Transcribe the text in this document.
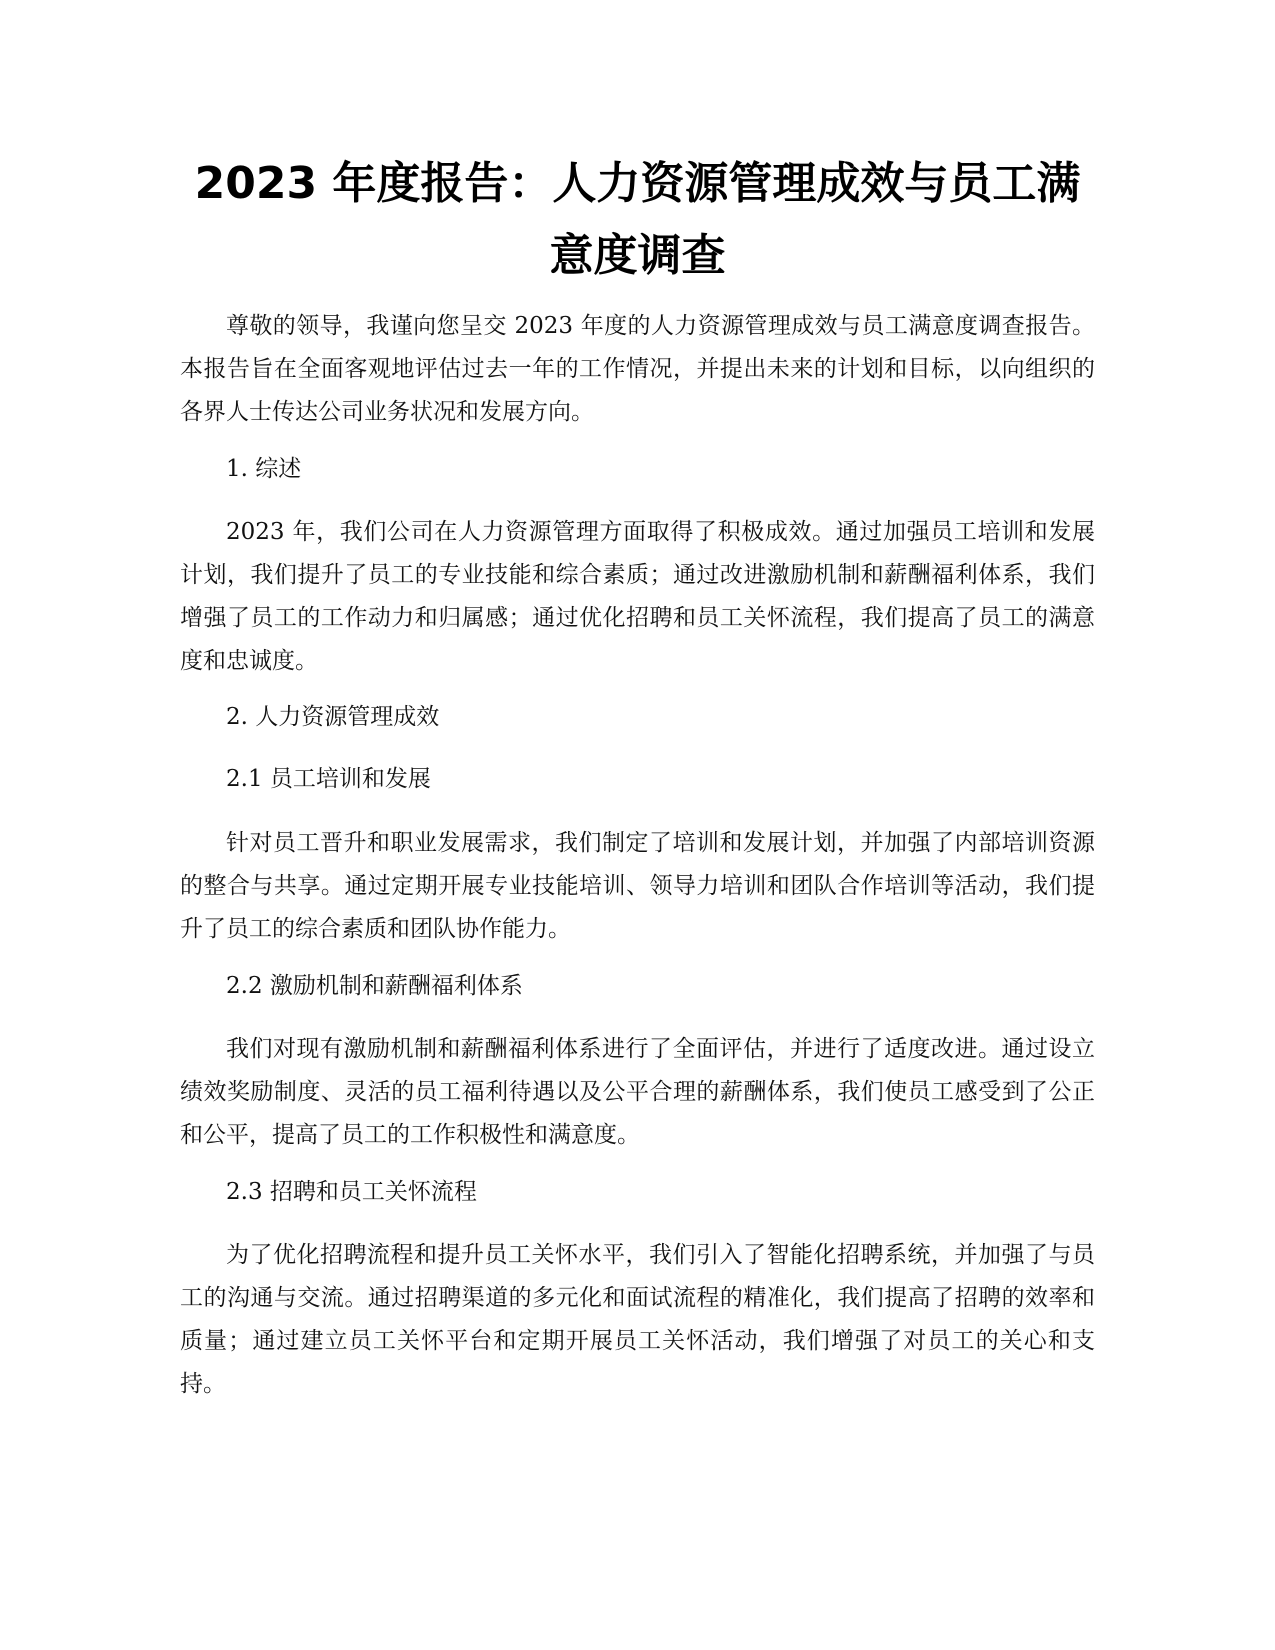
2023 年度报告：人力资源管理成效与员工满意度调查

尊敬的领导，我谨向您呈交 2023 年度的人力资源管理成效与员工满意度调查报告。本报告旨在全面客观地评估过去一年的工作情况，并提出未来的计划和目标，以向组织的各界人士传达公司业务状况和发展方向。

1. 综述

2023 年，我们公司在人力资源管理方面取得了积极成效。通过加强员工培训和发展计划，我们提升了员工的专业技能和综合素质；通过改进激励机制和薪酬福利体系，我们增强了员工的工作动力和归属感；通过优化招聘和员工关怀流程，我们提高了员工的满意度和忠诚度。

2. 人力资源管理成效

2.1 员工培训和发展

针对员工晋升和职业发展需求，我们制定了培训和发展计划，并加强了内部培训资源的整合与共享。通过定期开展专业技能培训、领导力培训和团队合作培训等活动，我们提升了员工的综合素质和团队协作能力。

2.2 激励机制和薪酬福利体系

我们对现有激励机制和薪酬福利体系进行了全面评估，并进行了适度改进。通过设立绩效奖励制度、灵活的员工福利待遇以及公平合理的薪酬体系，我们使员工感受到了公正和公平，提高了员工的工作积极性和满意度。

2.3 招聘和员工关怀流程

为了优化招聘流程和提升员工关怀水平，我们引入了智能化招聘系统，并加强了与员工的沟通与交流。通过招聘渠道的多元化和面试流程的精准化，我们提高了招聘的效率和质量；通过建立员工关怀平台和定期开展员工关怀活动，我们增强了对员工的关心和支持。
